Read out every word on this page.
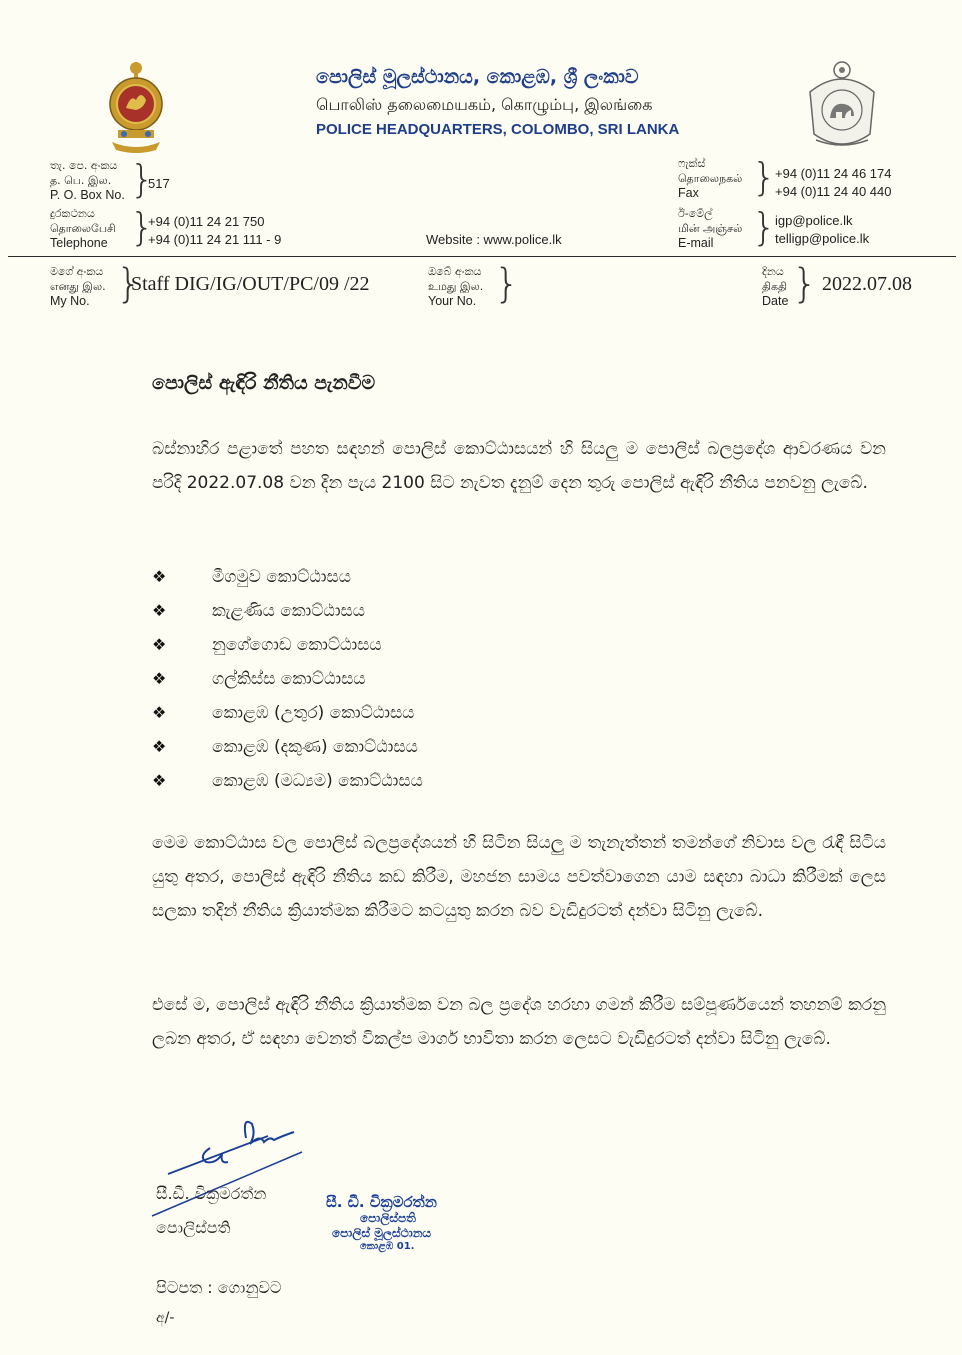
පොලිස් මූලස්ථානය, කොළඹ, ශ්‍රී ලංකාව
பொலிஸ் தலைமையகம், கொழும்பு, இலங்கை
POLICE HEADQUARTERS, COLOMBO, SRI LANKA
තැ. පෙ. අංකය
த. பெ. இல.
P. O. Box No. }
517
දුරකථනය
தொலைபேசி
Telephone }
+94 (0)11 24 21 750
+94 (0)11 24 21 111 - 9	Website : www.police.lk
ෆැක්ස්
தொலைநகல்
Fax	}
+94 (0)11 24 46 174
+94 (0)11 24 40 440
ඊ-මේල්
மின் அஞ்சல்
E-mail	}
igp@police.lk
telligp@police.lk
මගේ අංකය
எனது இல.
My No. }
Staff DIG/IG/OUT/PC/09 /22
ඔබේ අංකය
உமது இல.
Your No. }	දිනය
திகதி
Date } 2022.07.08
පොලිස් ඇඳිරි නීතිය පැනවීම
බස්නාහිර පළාතේ පහත සඳහන් පොලිස් කොට්ඨාසයන් හි සියලු ම පොලිස් බලප්‍රදේශ ආවරණය වන පරිදි 2022.07.08 වන දින පැය 2100 සිට නැවත දැනුම් දෙන තුරු පොලිස් ඇඳිරි නීතිය පනවනු ලැබේ.
❖	මීගමුව කොට්ඨාසය
❖	කැළණිය කොට්ඨාසය
❖	නුගේගොඩ කොට්ඨාසය
❖	ගල්කිස්ස කොට්ඨාසය
❖	කොළඹ (උතුර) කොට්ඨාසය
❖	කොළඹ (දකුණ) කොට්ඨාසය
❖	කොළඹ (මධ්‍යම) කොට්ඨාසය
මෙම කොට්ඨාස වල පොලිස් බලප්‍රදේශයන් හි සිටින සියලු ම තැනැත්තන් තමන්ගේ නිවාස වල රැඳී සිටිය යුතු අතර, පොලිස් ඇඳිරි නීතිය කඩ කිරීම, මහජන සාමය පවත්වාගෙන යාම සඳහා බාධා කිරීමක් ලෙස සලකා තදින් නීතිය ක්‍රියාත්මක කිරීමට කටයුතු කරන බව වැඩිදුරටත් දන්වා සිටිනු ලැබේ.
එසේ ම, පොලිස් ඇඳිරි නීතිය ක්‍රියාත්මක වන බල ප්‍රදේශ හරහා ගමන් කිරීම සම්පූර්ණයෙන් තහනම් කරනු ලබන අතර, ඒ සඳහා වෙනත් විකල්ප මාර්ග භාවිතා කරන ලෙසට වැඩිදුරටත් දන්වා සිටිනු ලැබේ.
සී.ඩී. වික්‍රමරත්න
පොලිස්පති
සී. ඩී. වික්‍රමරත්න
පොලිස්පති
පොලිස් මූලස්ථානය
කොළඹ 01.
පිටපත : ගොනුවට
අ/-
